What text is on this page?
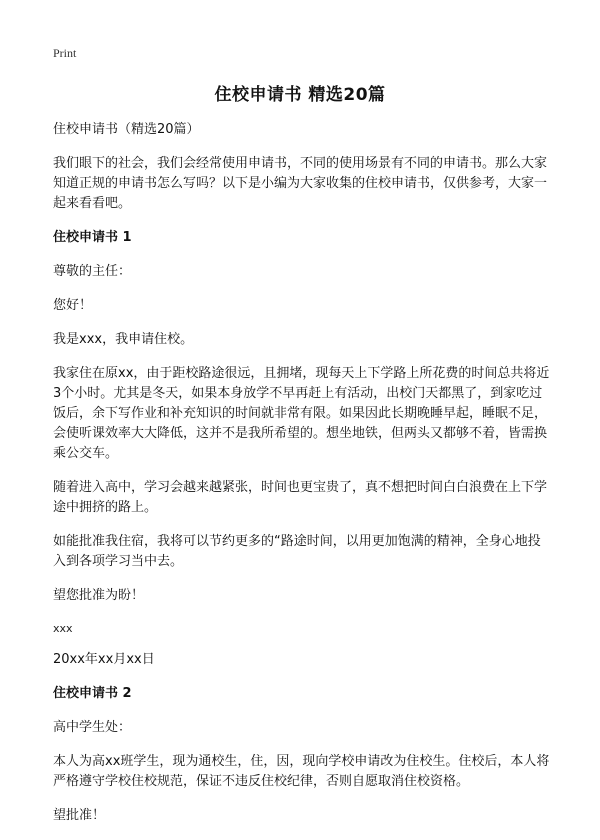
Print
住校申请书 精选20篇

住校申请书（精选20篇）

我们眼下的社会，我们会经常使用申请书，不同的使用场景有不同的申请书。那么大家知道正规的申请书怎么写吗？以下是小编为大家收集的住校申请书，仅供参考，大家一起来看看吧。

住校申请书 1

尊敬的主任：

您好！

我是xxx，我申请住校。

我家住在原xx，由于距校路途很远，且拥堵，现每天上下学路上所花费的时间总共将近3个小时。尤其是冬天，如果本身放学不早再赶上有活动，出校门天都黑了，到家吃过饭后，余下写作业和补充知识的时间就非常有限。如果因此长期晚睡早起，睡眠不足，会使听课效率大大降低，这并不是我所希望的。想坐地铁，但两头又都够不着，皆需换乘公交车。

随着进入高中，学习会越来越紧张，时间也更宝贵了，真不想把时间白白浪费在上下学途中拥挤的路上。

如能批准我住宿，我将可以节约更多的“路途时间，以用更加饱满的精神，全身心地投入到各项学习当中去。

望您批准为盼！

xxx

20xx年xx月xx日

住校申请书 2

高中学生处：

本人为高xx班学生，现为通校生，住，因，现向学校申请改为住校生。住校后，本人将严格遵守学校住校规范，保证不违反住校纪律，否则自愿取消住校资格。

望批准！
